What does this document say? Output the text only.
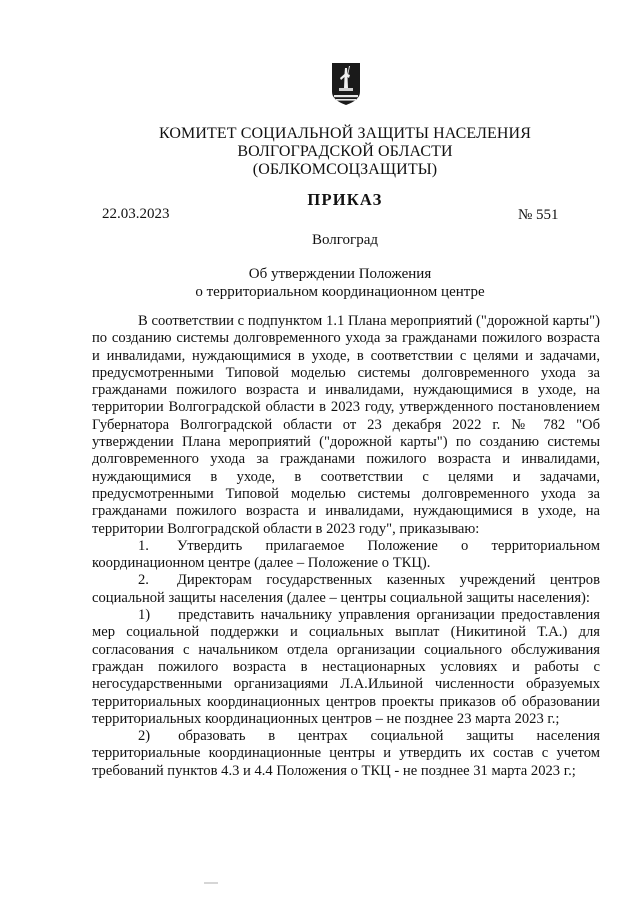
КОМИТЕТ СОЦИАЛЬНОЙ ЗАЩИТЫ НАСЕЛЕНИЯ
ВОЛГОГРАДСКОЙ ОБЛАСТИ
(ОБЛКОМСОЦЗАЩИТЫ)
ПРИКАЗ
22.03.2023	№ 551
Волгоград
Об утверждении Положения
о территориальном координационном центре

В соответствии с подпунктом 1.1 Плана мероприятий ("дорожной карты") по созданию системы долговременного ухода за гражданами пожилого возраста и инвалидами, нуждающимися в уходе, в соответствии с целями и задачами, предусмотренными Типовой моделью системы долговременного ухода за гражданами пожилого возраста и инвалидами, нуждающимися в уходе, на территории Волгоградской области в 2023 году, утвержденного постановлением Губернатора Волгоградской области от 23 декабря 2022 г. № 782 "Об утверждении Плана мероприятий ("дорожной карты") по созданию системы долговременного ухода за гражданами пожилого возраста и инвалидами, нуждающимися в уходе, в соответствии с целями и задачами, предусмотренными Типовой моделью системы долговременного ухода за гражданами пожилого возраста и инвалидами, нуждающимися в уходе, на территории Волгоградской области в 2023 году", приказываю:

1. Утвердить прилагаемое Положение о территориальном координационном центре (далее – Положение о ТКЦ).

2. Директорам государственных казенных учреждений центров социальной защиты населения (далее – центры социальной защиты населения):

1) представить начальнику управления организации предоставления мер социальной поддержки и социальных выплат (Никитиной Т.А.) для согласования с начальником отдела организации социального обслуживания граждан пожилого возраста в нестационарных условиях и работы с негосударственными организациями Л.А.Ильиной численности образуемых территориальных координационных центров проекты приказов об образовании территориальных координационных центров – не позднее 23 марта 2023 г.;

2) образовать в центрах социальной защиты населения территориальные координационные центры и утвердить их состав с учетом требований пунктов 4.3 и 4.4 Положения о ТКЦ - не позднее 31 марта 2023 г.;
